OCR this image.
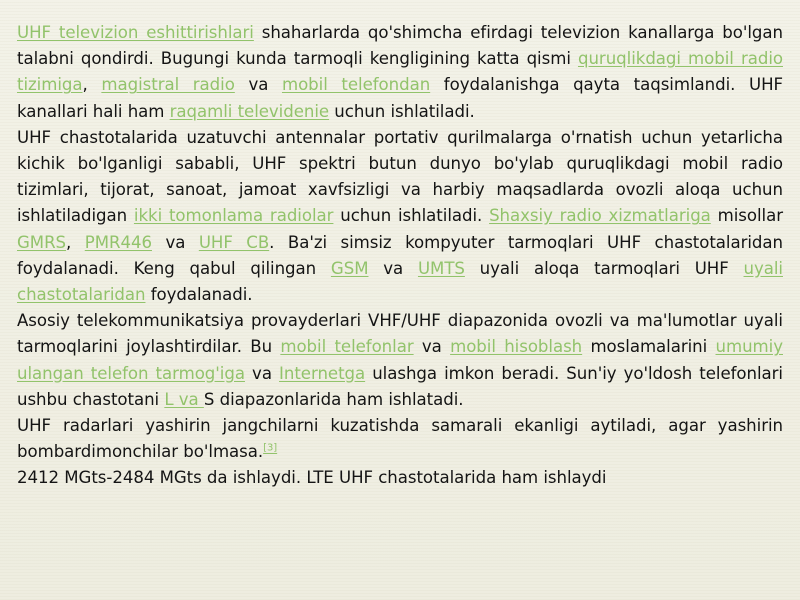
UHF televizion eshittirishlari shaharlarda qo'shimcha efirdagi televizion kanallarga bo'lgan talabni qondirdi. Bugungi kunda tarmoqli kengligining katta qismi quruqlikdagi mobil radio tizimiga, magistral radio va mobil telefondan foydalanishga qayta taqsimlandi. UHF kanallari hali ham raqamli televidenie uchun ishlatiladi.

UHF chastotalarida uzatuvchi antennalar portativ qurilmalarga o'rnatish uchun yetarlicha kichik bo'lganligi sababli, UHF spektri butun dunyo bo'ylab quruqlikdagi mobil radio tizimlari, tijorat, sanoat, jamoat xavfsizligi va harbiy maqsadlarda ovozli aloqa uchun ishlatiladigan ikki tomonlama radiolar uchun ishlatiladi. Shaxsiy radio xizmatlariga misollar GMRS, PMR446 va UHF CB. Ba'zi simsiz kompyuter tarmoqlari UHF chastotalaridan foydalanadi. Keng qabul qilingan GSM va UMTS uyali aloqa tarmoqlari UHF uyali chastotalaridan foydalanadi.

Asosiy telekommunikatsiya provayderlari VHF/UHF diapazonida ovozli va ma'lumotlar uyali tarmoqlarini joylashtirdilar. Bu mobil telefonlar va mobil hisoblash moslamalarini umumiy ulangan telefon tarmog'iga va Internetga ulashga imkon beradi. Sun'iy yo'ldosh telefonlari ushbu chastotani L va S diapazonlarida ham ishlatadi.

UHF radarlari yashirin jangchilarni kuzatishda samarali ekanligi aytiladi, agar yashirin bombardimonchilar bo'lmasa.[3]

2412 MGts-2484 MGts da ishlaydi. LTE UHF chastotalarida ham ishlaydi
